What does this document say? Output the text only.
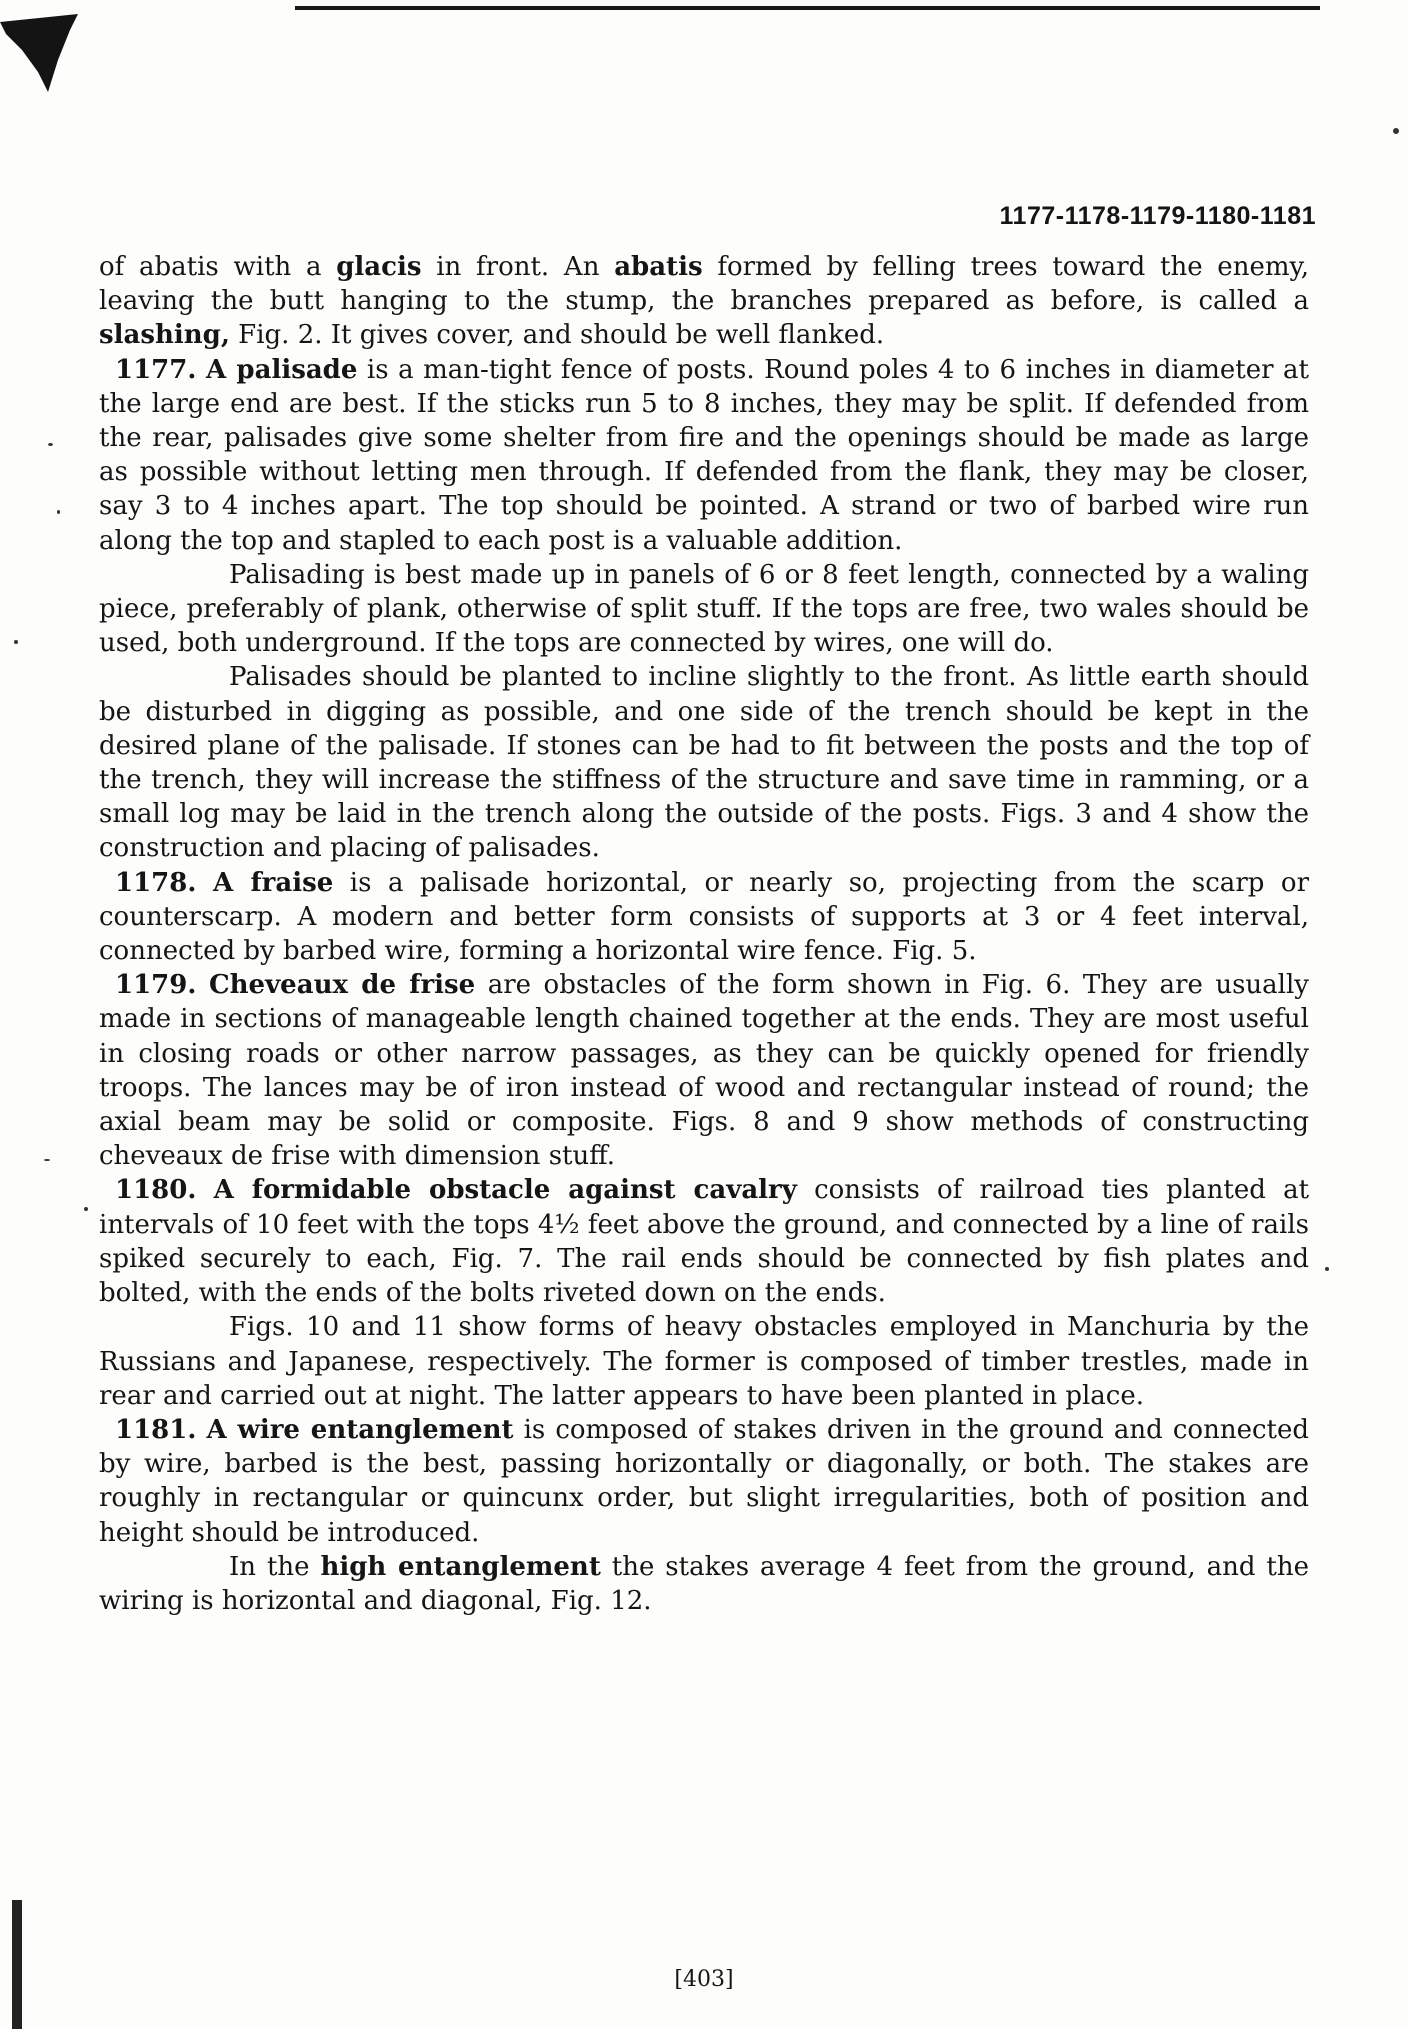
1177-1178-1179-1180-1181

of abatis with a glacis in front. An abatis formed by felling trees toward the enemy, leaving the butt hanging to the stump, the branches prepared as before, is called a slashing, Fig. 2. It gives cover, and should be well flanked.

1177. A palisade is a man-tight fence of posts. Round poles 4 to 6 inches in diameter at the large end are best. If the sticks run 5 to 8 inches, they may be split. If defended from the rear, palisades give some shelter from fire and the openings should be made as large as possible without letting men through. If defended from the flank, they may be closer, say 3 to 4 inches apart. The top should be pointed. A strand or two of barbed wire run along the top and stapled to each post is a valuable addition.

Palisading is best made up in panels of 6 or 8 feet length, connected by a waling piece, preferably of plank, otherwise of split stuff. If the tops are free, two wales should be used, both underground. If the tops are connected by wires, one will do.

Palisades should be planted to incline slightly to the front. As little earth should be disturbed in digging as possible, and one side of the trench should be kept in the desired plane of the palisade. If stones can be had to fit between the posts and the top of the trench, they will increase the stiffness of the structure and save time in ramming, or a small log may be laid in the trench along the outside of the posts. Figs. 3 and 4 show the construction and placing of palisades.

1178. A fraise is a palisade horizontal, or nearly so, projecting from the scarp or counterscarp. A modern and better form consists of supports at 3 or 4 feet interval, connected by barbed wire, forming a horizontal wire fence. Fig. 5.

1179. Cheveaux de frise are obstacles of the form shown in Fig. 6. They are usually made in sections of manageable length chained together at the ends. They are most useful in closing roads or other narrow passages, as they can be quickly opened for friendly troops. The lances may be of iron instead of wood and rectangular instead of round; the axial beam may be solid or composite. Figs. 8 and 9 show methods of constructing cheveaux de frise with dimension stuff.

1180. A formidable obstacle against cavalry consists of railroad ties planted at intervals of 10 feet with the tops 4½ feet above the ground, and connected by a line of rails spiked securely to each, Fig. 7. The rail ends should be connected by fish plates and bolted, with the ends of the bolts riveted down on the ends.

Figs. 10 and 11 show forms of heavy obstacles employed in Manchuria by the Russians and Japanese, respectively. The former is composed of timber trestles, made in rear and carried out at night. The latter appears to have been planted in place.

1181. A wire entanglement is composed of stakes driven in the ground and connected by wire, barbed is the best, passing horizontally or diagonally, or both. The stakes are roughly in rectangular or quincunx order, but slight irregularities, both of position and height should be introduced.

In the high entanglement the stakes average 4 feet from the ground, and the wiring is horizontal and diagonal, Fig. 12.

[403]
